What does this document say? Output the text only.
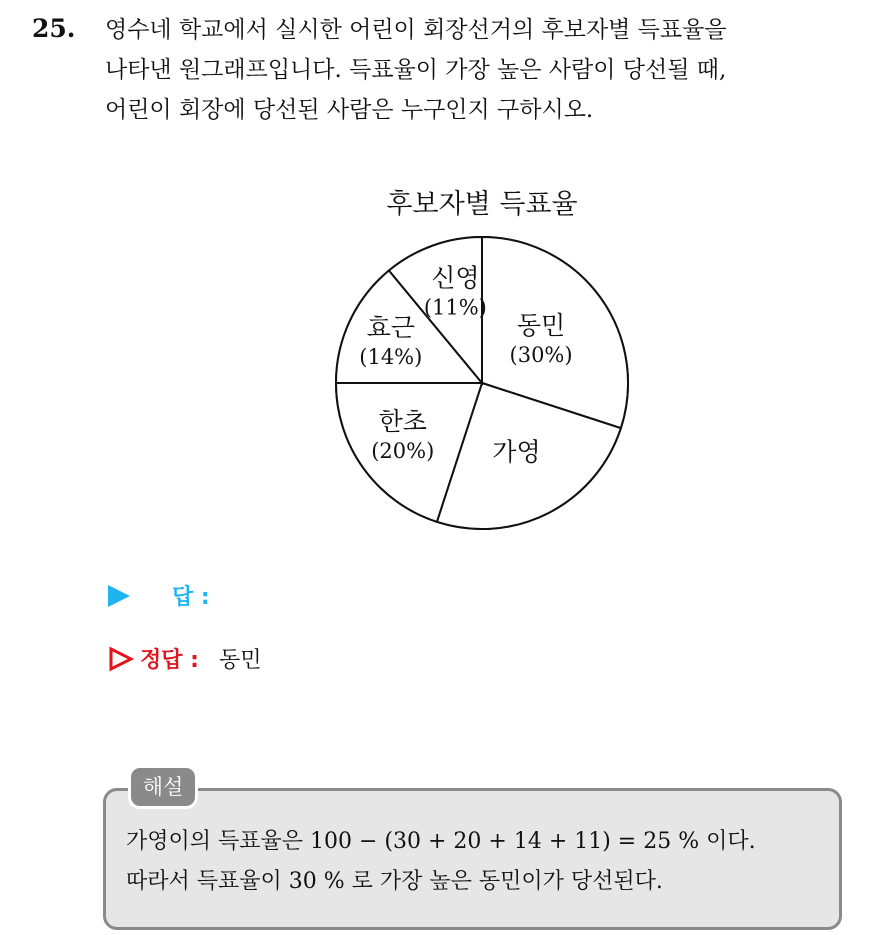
25. 영수네 학교에서 실시한 어린이 회장선거의 후보자별 득표율을
나타낸 원그래프입니다. 득표율이 가장 높은 사람이 당선될 때,
어린이 회장에 당선된 사람은 누구인지 구하시오.
후보자별 득표율
동민
(30%)
가영
한초
(20%)
효근
(14%)
신영
(11%)
답 :
정답 : 동민
해설
가영이의 득표율은 100 − (30 + 20 + 14 + 11) = 25 % 이다.
따라서 득표율이 30 % 로 가장 높은 동민이가 당선된다.
